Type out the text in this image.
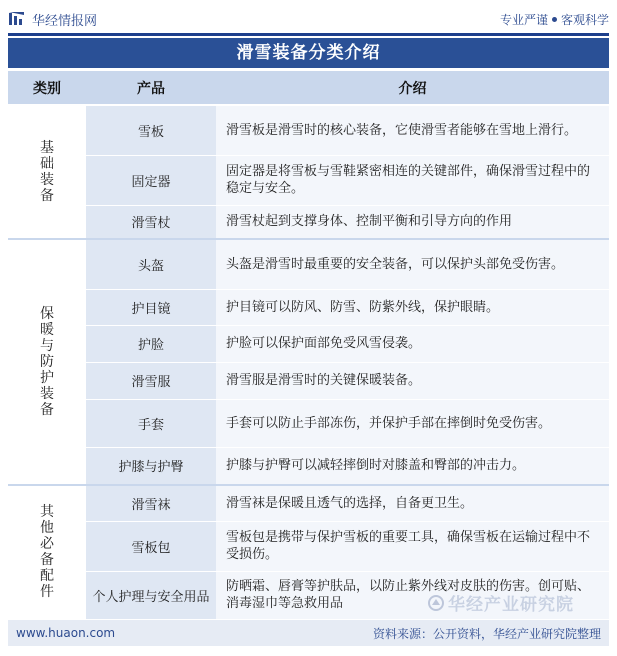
华经情报网	专业严谨 客观科学
滑雪装备分类介绍
类别	产品	介绍
基础装备	雪板	滑雪板是滑雪时的核心装备，它使滑雪者能够在雪地上滑行。
	固定器	固定器是将雪板与雪鞋紧密相连的关键部件，确保滑雪过程中的稳定与安全。
	滑雪杖	滑雪杖起到支撑身体、控制平衡和引导方向的作用
保暖与防护装备	头盔	头盔是滑雪时最重要的安全装备，可以保护头部免受伤害。
	护目镜	护目镜可以防风、防雪、防紫外线，保护眼睛。
	护脸	护脸可以保护面部免受风雪侵袭。
	滑雪服	滑雪服是滑雪时的关键保暖装备。
	手套	手套可以防止手部冻伤，并保护手部在摔倒时免受伤害。
	护膝与护臀	护膝与护臀可以减轻摔倒时对膝盖和臀部的冲击力。
其他必备配件	滑雪袜	滑雪袜是保暖且透气的选择，自备更卫生。
	雪板包	雪板包是携带与保护雪板的重要工具，确保雪板在运输过程中不受损伤。
	个人护理与安全用品	防晒霜、唇膏等护肤品，以防止紫外线对皮肤的伤害。创可贴、消毒湿巾等急救用品	华经产业研究院
www.huaon.com	资料来源：公开资料，华经产业研究院整理
